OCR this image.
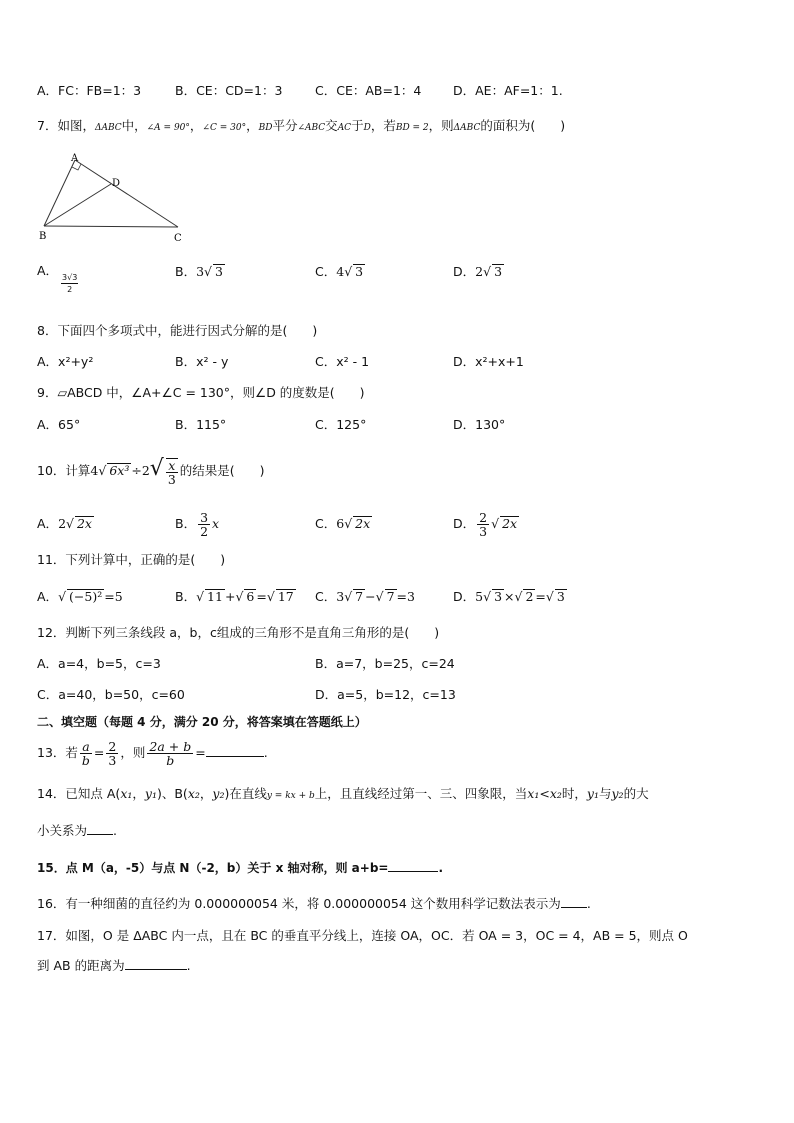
A．FC：FB=1：3	B．CE：CD=1：3	C．CE：AB=1：4	D．AE：AF=1：1.
7．如图，ΔABC中，∠A = 90°，∠C = 30°，BD平分∠ABC交AC于D，若BD = 2，则ΔABC的面积为(　　)
A
D
B	C
A． 3√3
2
B．3√ 3	C．4√ 3	D．2√ 3
8．下面四个多项式中，能进行因式分解的是(　　)
A．x²+y²	B．x² - y	C．x² - 1	D．x²+x+1
9．▱ABCD 中，∠A+∠C = 130°，则∠D 的度数是(　　)
A．65°	B．115°	C．125°	D．130°
10．计算4√ $6x^3 \div 2√ \frac{x}{3}$ 的结果是(　　)
A．2√ 2x	B． $\frac{3}{2}$ x	C．6√ 2x	D． $\frac{2}{3}$ √ 2x
11．下列计算中，正确的是(　　)
A．√ (−5)² =5	B．√ 11 +√ 6 =√ 17 C．3√ 7 −√ 7 =3	D．5√ 3 ×√ 2 =√ 3
12．判断下列三条线段 a，b，c组成的三角形不是直角三角形的是(　　)
A．a=4，b=5，c=3	B．a=7，b=25，c=24
C．a=40，b=50，c=60	D．a=5，b=12，c=13
二、填空题（每题 4 分，满分 20 分，将答案填在答题纸上）
13．若 $\frac{a}{b} = \frac{2}{3}$ ，则 $\frac{2a + b}{b}$ =	.
14．已知点 A(x₁，y₁)、B(x₂，y₂)在直线y = kx + b上，且直线经过第一、三、四象限，当x₁<x₂时，y₁与y₂的大
小关系为 .
15．点 M（a，-5）与点 N（-2，b）关于 x 轴对称，则 a+b=	.
16．有一种细菌的直径约为 0.000000054 米，将 0.000000054 这个数用科学记数法表示为 .
17．如图，O 是 ΔABC 内一点，且在 BC 的垂直平分线上，连接 OA，OC．若 OA = 3，OC = 4，AB = 5，则点 O
到 AB 的距离为	.
